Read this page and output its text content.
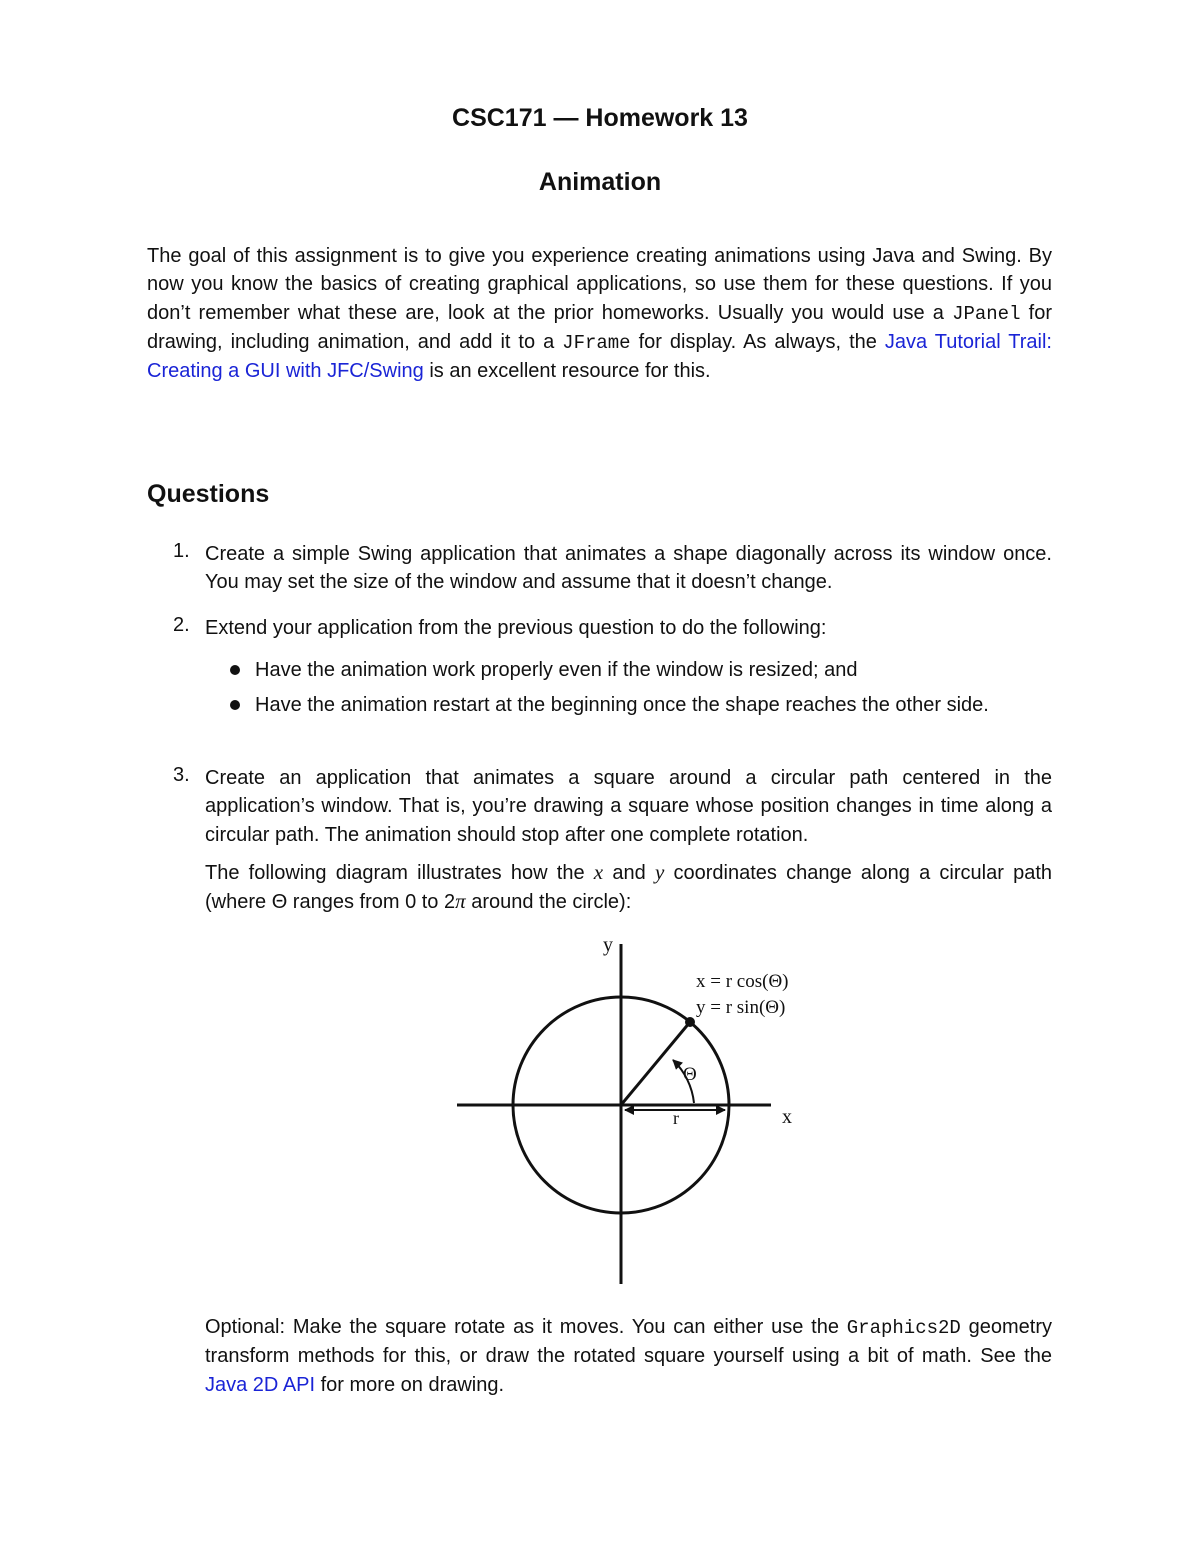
CSC171 — Homework 13
Animation
The goal of this assignment is to give you experience creating animations using Java and Swing. By now you know the basics of creating graphical applications, so use them for these questions. If you don’t remember what these are, look at the prior homeworks. Usually you would use a JPanel for drawing, including animation, and add it to a JFrame for display. As always, the Java Tutorial Trail: Creating a GUI with JFC/Swing is an excellent resource for this.
Questions
1. Create a simple Swing application that animates a shape diagonally across its window once. You may set the size of the window and assume that it doesn’t change.
2. Extend your application from the previous question to do the following:
Have the animation work properly even if the window is resized; and
Have the animation restart at the beginning once the shape reaches the other side.
3. Create an application that animates a square around a circular path centered in the application’s window. That is, you’re drawing a square whose position changes in time along a circular path. The animation should stop after one complete rotation.
The following diagram illustrates how the x and y coordinates change along a circular path (where Θ ranges from 0 to 2π around the circle):
y
x
r
Θ
x = r cos(Θ)
y = r sin(Θ)
Optional: Make the square rotate as it moves. You can either use the Graphics2D geometry transform methods for this, or draw the rotated square yourself using a bit of math. See the Java 2D API for more on drawing.
